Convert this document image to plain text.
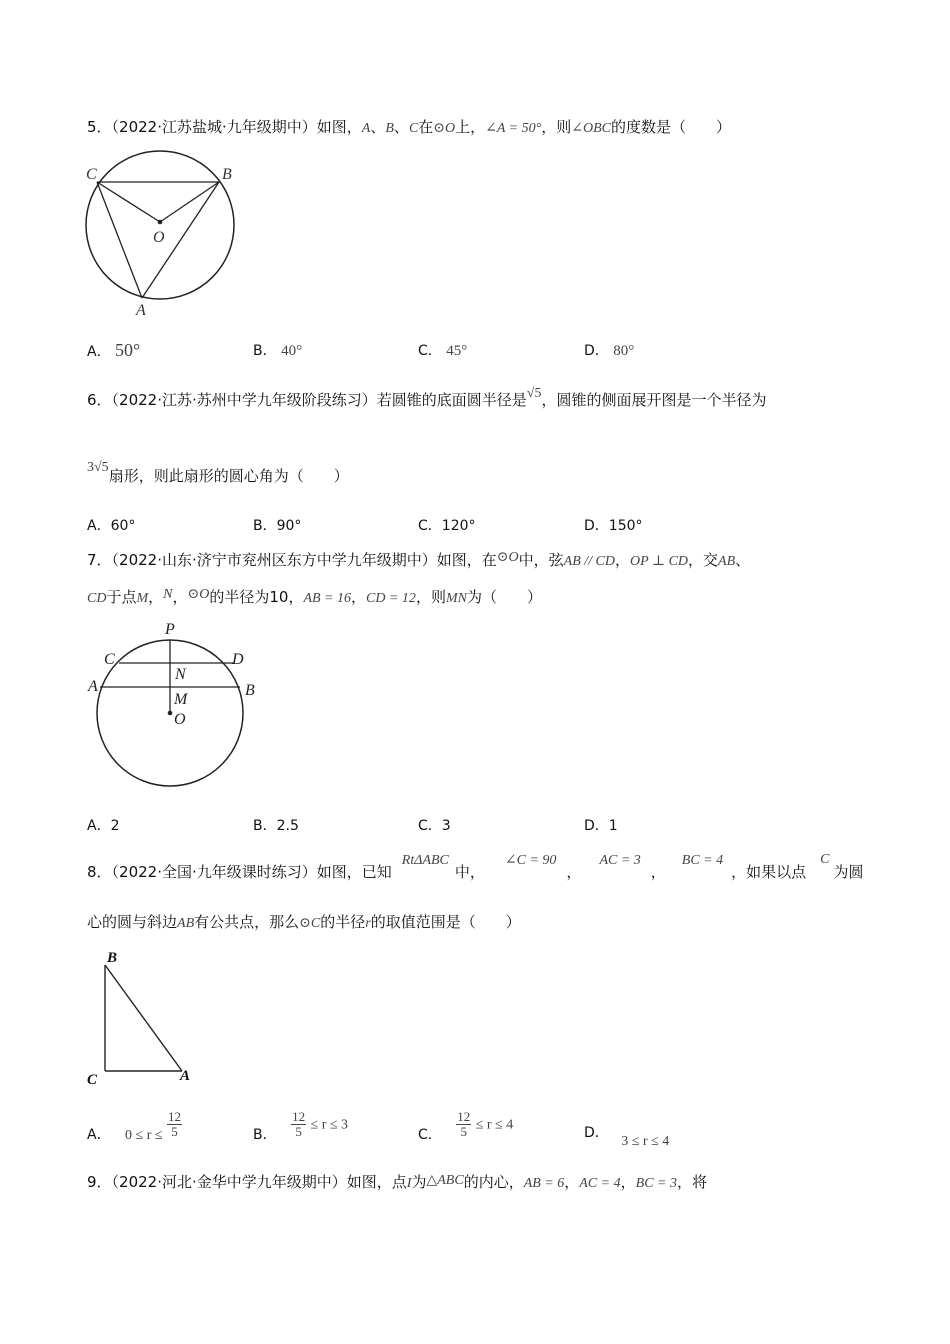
5．（2022·江苏盐城·九年级期中）如图，A、B、C在⊙O上，∠A = 50°，则∠OBC的度数是（　　）
C	B
O
A
A． 50°	B． 40°	C． 45°	D． 80°
6．（2022·江苏·苏州中学九年级阶段练习）若圆锥的底面圆半径是√5，圆锥的侧面展开图是一个半径为
3√5扇形，则此扇形的圆心角为（　　）
A．60°	B．90°	C．120°	D．150°
7．（2022·山东·济宁市兖州区东方中学九年级期中）如图，在⊙O中，弦AB // CD，OP ⊥ CD，交AB、
CD于点M，N，⊙O的半径为10，AB = 16，CD = 12，则MN为（　　）
P
C	D
N
A	B
M
O
A．2	B．2.5	C．3	D．1
8．（2022·全国·九年级课时练习）如图，已知RtΔABC中，∠C = 90，AC = 3，BC = 4，如果以点C为圆
心的圆与斜边AB有公共点，那么⊙C的半径r的取值范围是（　　）
B
C	A
A． $0 \le r \le \frac{12}{5}$	B． $\frac{12}{5} \le r \le 3$
C． $\frac{12}{5} \le r \le 4$	D． 3 ≤ r ≤ 4
9．（2022·河北·金华中学九年级期中）如图，点I为△ABC的内心，AB = 6，AC = 4，BC = 3，将
